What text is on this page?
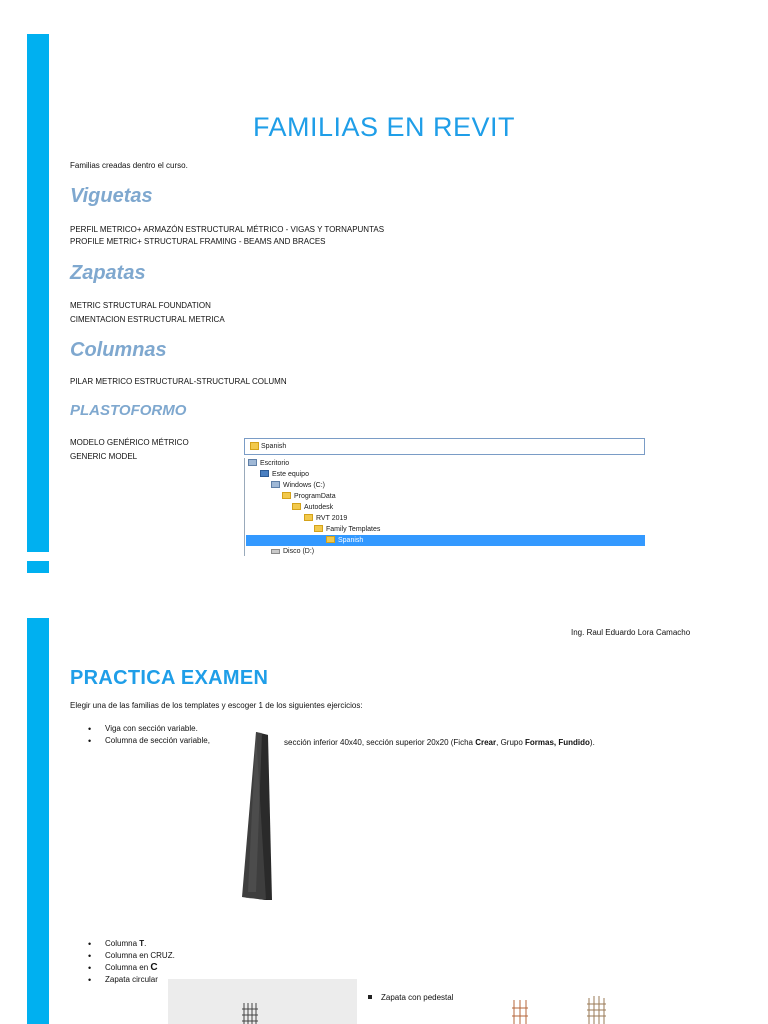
FAMILIAS EN REVIT

Familias creadas dentro el curso.

Viguetas

PERFIL METRICO+ ARMAZÓN ESTRUCTURAL MÉTRICO - VIGAS Y TORNAPUNTAS

PROFILE METRIC+ STRUCTURAL FRAMING - BEAMS AND BRACES

Zapatas

METRIC STRUCTURAL FOUNDATION

CIMENTACION ESTRUCTURAL METRICA

Columnas

PILAR METRICO ESTRUCTURAL-STRUCTURAL COLUMN

PLASTOFORMO

MODELO GENÉRICO MÉTRICO

GENERIC MODEL

Spanish
Escritorio
Este equipo
Windows (C:)
ProgramData
Autodesk
RVT 2019
Family Templates
Spanish
Disco (D:)

Ing. Raul Eduardo Lora Camacho

PRACTICA EXAMEN

Elegir una de las familias de los templates y escoger 1 de los siguientes ejercicios:

• Viga con sección variable.
• Columna de sección variable,	sección inferior 40x40, sección superior 20x20 (Ficha Crear, Grupo Formas, Fundido).

• Columna T.
• Columna en CRUZ.
• Columna en C
• Zapata circular

Zapata con pedestal
